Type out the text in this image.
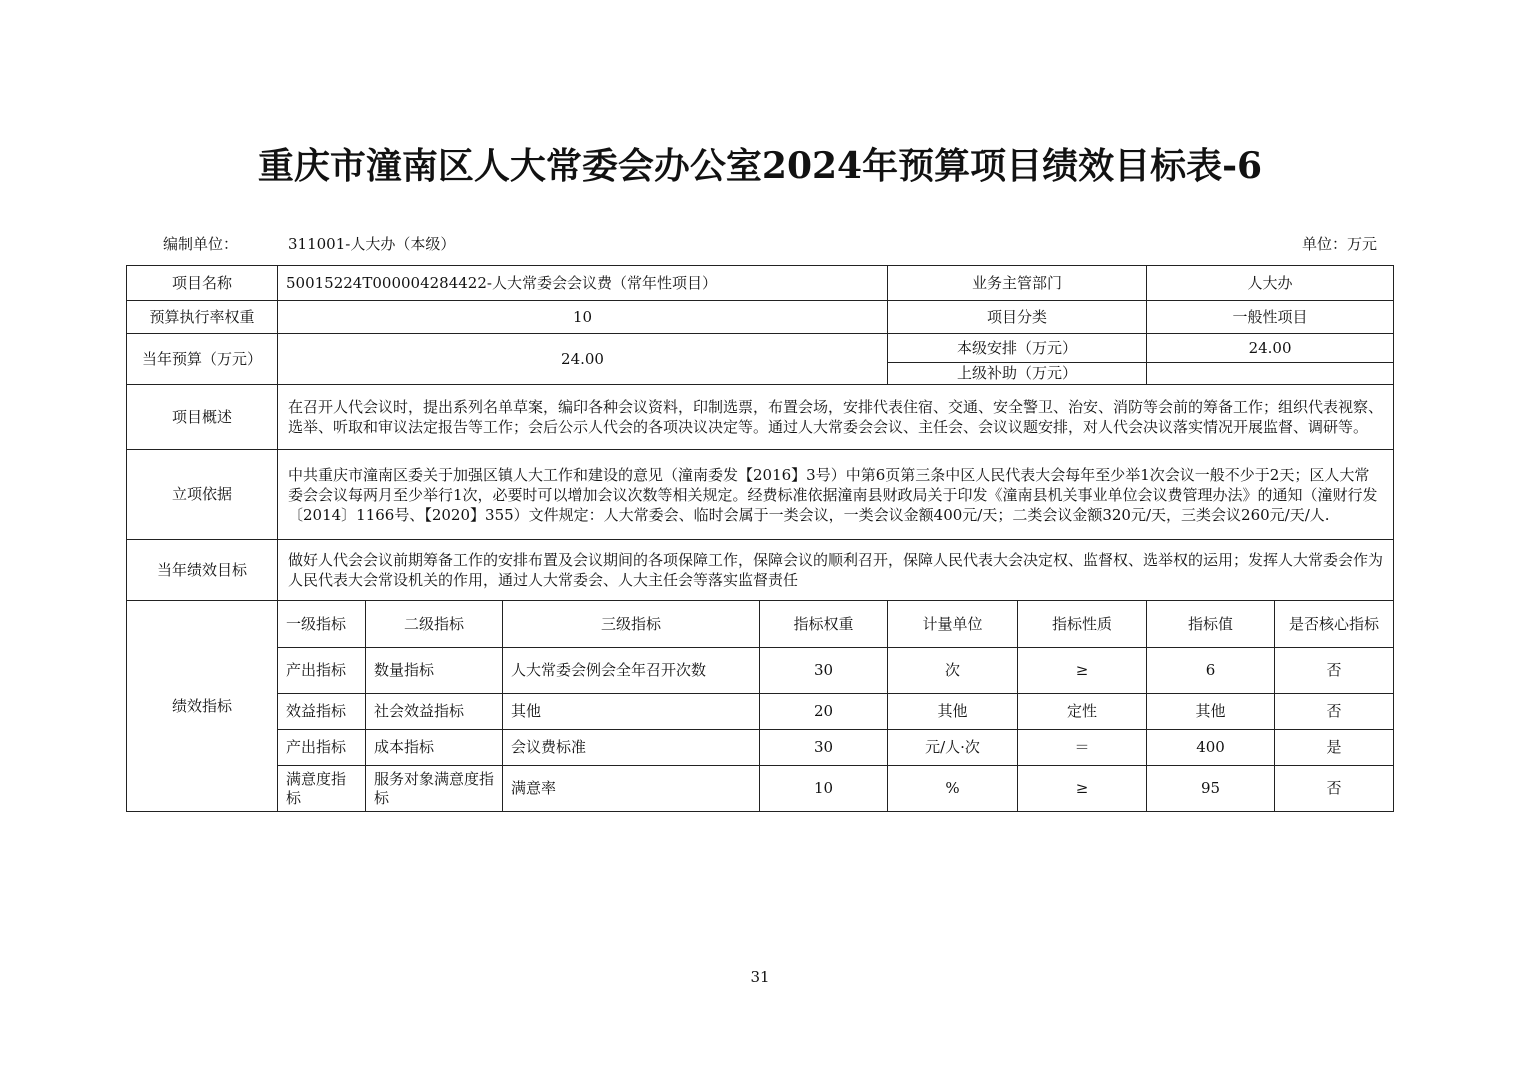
重庆市潼南区人大常委会办公室2024年预算项目绩效目标表-6
编制单位：	311001-人大办（本级）	单位：万元
项目名称	50015224T000004284422-人大常委会会议费（常年性项目）				业务主管部门		人大办	
预算执行率权重	10				项目分类		一般性项目	
当年预算（万元）	24.00				本级安排（万元）		24.00	
					上级补助（万元）			
项目概述	在召开人代会议时，提出系列名单草案，编印各种会议资料，印制选票，布置会场，安排代表住宿、交通、安全警卫、治安、消防等会前的筹备工作；组织代表视察、选举、听取和审议法定报告等工作；会后公示人代会的各项决议决定等。通过人大常委会会议、主任会、会议议题安排，对人代会决议落实情况开展监督、调研等。							
立项依据	中共重庆市潼南区委关于加强区镇人大工作和建设的意见（潼南委发【2016】3号）中第6页第三条中区人民代表大会每年至少举1次会议一般不少于2天；区人大常委会会议每两月至少举行1次，必要时可以增加会议次数等相关规定。经费标准依据潼南县财政局关于印发《潼南县机关事业单位会议费管理办法》的通知（潼财行发〔2014〕1166号、【2020】355）文件规定：人大常委会、临时会属于一类会议，一类会议金额400元/天；二类会议金额320元/天，三类会议260元/天/人.							
当年绩效目标	做好人代会会议前期筹备工作的安排布置及会议期间的各项保障工作，保障会议的顺利召开，保障人民代表大会决定权、监督权、选举权的运用；发挥人大常委会作为人民代表大会常设机关的作用，通过人大常委会、人大主任会等落实监督责任							
绩效指标	一级指标	二级指标	三级指标	指标权重	计量单位	指标性质	指标值	是否核心指标
	产出指标	数量指标	人大常委会例会全年召开次数	30	次	≥	6	否
	效益指标	社会效益指标	其他	20	其他	定性	其他	否
	产出指标	成本指标	会议费标准	30	元/人·次	＝	400	是
	满意度指标	服务对象满意度指标	满意率	10	%	≥	95	否
31
